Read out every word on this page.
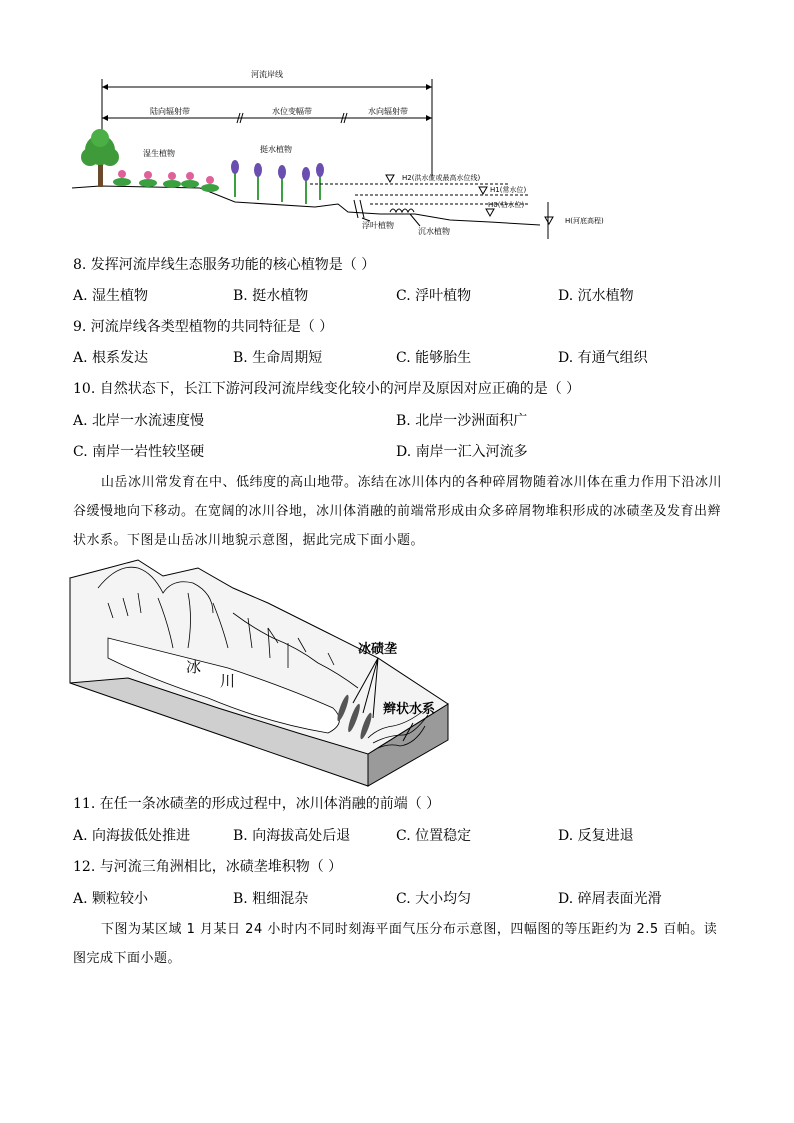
河流岸线
陆向辐射带	水位变幅带	水向辐射带
湿生植物	挺水植物
H2(洪水位或最高水位线)
H1(常水位)
H0(枯水位)
H(河底高程)
浮叶植物
沉水植物
8. 发挥河流岸线生态服务功能的核心植物是（ ）
A. 湿生植物	B. 挺水植物	C. 浮叶植物	D. 沉水植物
9. 河流岸线各类型植物的共同特征是（ ）
A. 根系发达	B. 生命周期短	C. 能够胎生	D. 有通气组织
10. 自然状态下，长江下游河段河流岸线变化较小的河岸及原因对应正确的是（ ）
A. 北岸一水流速度慢	B. 北岸一沙洲面积广
C. 南岸一岩性较坚硬	D. 南岸一汇入河流多

山岳冰川常发育在中、低纬度的高山地带。冻结在冰川体内的各种碎屑物随着冰川体在重力作用下沿冰川谷缓慢地向下移动。在宽阔的冰川谷地，冰川体消融的前端常形成由众多碎屑物堆积形成的冰碛垄及发育出辫状水系。下图是山岳冰川地貌示意图，据此完成下面小题。

冰
川
冰碛垄
辫状水系
11. 在任一条冰碛垄的形成过程中，冰川体消融的前端（ ）
A. 向海拔低处推进	B. 向海拔高处后退	C. 位置稳定	D. 反复进退
12. 与河流三角洲相比，冰碛垄堆积物（ ）
A. 颗粒较小	B. 粗细混杂	C. 大小均匀	D. 碎屑表面光滑

下图为某区域 1 月某日 24 小时内不同时刻海平面气压分布示意图，四幅图的等压距约为 2.5 百帕。读图完成下面小题。
